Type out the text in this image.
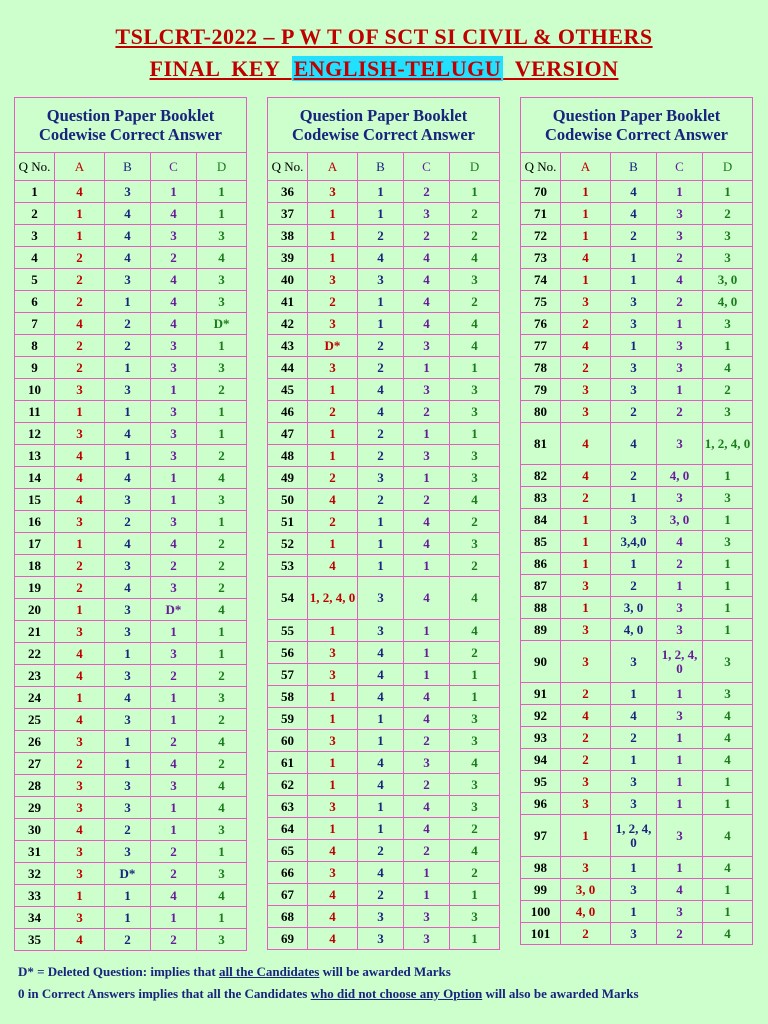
TSLCRT-2022 – P W T OF SCT SI CIVIL & OTHERS
FINAL  KEY  ENGLISH-TELUGU  VERSION
Question Paper Booklet Codewise Correct Answer				
Q No.	A	B	C	D
1	4	3	1	1
2	1	4	4	1
3	1	4	3	3
4	2	4	2	4
5	2	3	4	3
6	2	1	4	3
7	4	2	4	D*
8	2	2	3	1
9	2	1	3	3
10	3	3	1	2
11	1	1	3	1
12	3	4	3	1
13	4	1	3	2
14	4	4	1	4
15	4	3	1	3
16	3	2	3	1
17	1	4	4	2
18	2	3	2	2
19	2	4	3	2
20	1	3	D*	4
21	3	3	1	1
22	4	1	3	1
23	4	3	2	2
24	1	4	1	3
25	4	3	1	2
26	3	1	2	4
27	2	1	4	2
28	3	3	3	4
29	3	3	1	4
30	4	2	1	3
31	3	3	2	1
32	3	D*	2	3
33	1	1	4	4
34	3	1	1	1
35	4	2	2	3
Question Paper Booklet Codewise Correct Answer				
Q No.	A	B	C	D
36	3	1	2	1
37	1	1	3	2
38	1	2	2	2
39	1	4	4	4
40	3	3	4	3
41	2	1	4	2
42	3	1	4	4
43	D*	2	3	4
44	3	2	1	1
45	1	4	3	3
46	2	4	2	3
47	1	2	1	1
48	1	2	3	3
49	2	3	1	3
50	4	2	2	4
51	2	1	4	2
52	1	1	4	3
53	4	1	1	2
54	1, 2, 4, 0	3	4	4
55	1	3	1	4
56	3	4	1	2
57	3	4	1	1
58	1	4	4	1
59	1	1	4	3
60	3	1	2	3
61	1	4	3	4
62	1	4	2	3
63	3	1	4	3
64	1	1	4	2
65	4	2	2	4
66	3	4	1	2
67	4	2	1	1
68	4	3	3	3
69	4	3	3	1
Question Paper Booklet Codewise Correct Answer				
Q No.	A	B	C	D
70	1	4	1	1
71	1	4	3	2
72	1	2	3	3
73	4	1	2	3
74	1	1	4	3, 0
75	3	3	2	4, 0
76	2	3	1	3
77	4	1	3	1
78	2	3	3	4
79	3	3	1	2
80	3	2	2	3
81	4	4	3	1, 2, 4, 0
82	4	2	4, 0	1
83	2	1	3	3
84	1	3	3, 0	1
85	1	3,4,0	4	3
86	1	1	2	1
87	3	2	1	1
88	1	3, 0	3	1
89	3	4, 0	3	1
90	3	3	1, 2, 4, 0	3
91	2	1	1	3
92	4	4	3	4
93	2	2	1	4
94	2	1	1	4
95	3	3	1	1
96	3	3	1	1
97	1	1, 2, 4, 0	3	4
98	3	1	1	4
99	3, 0	3	4	1
100	4, 0	1	3	1
101	2	3	2	4
D* = Deleted Question: implies that all the Candidates will be awarded Marks
0 in Correct Answers implies that all the Candidates who did not choose any Option will also be awarded Marks
